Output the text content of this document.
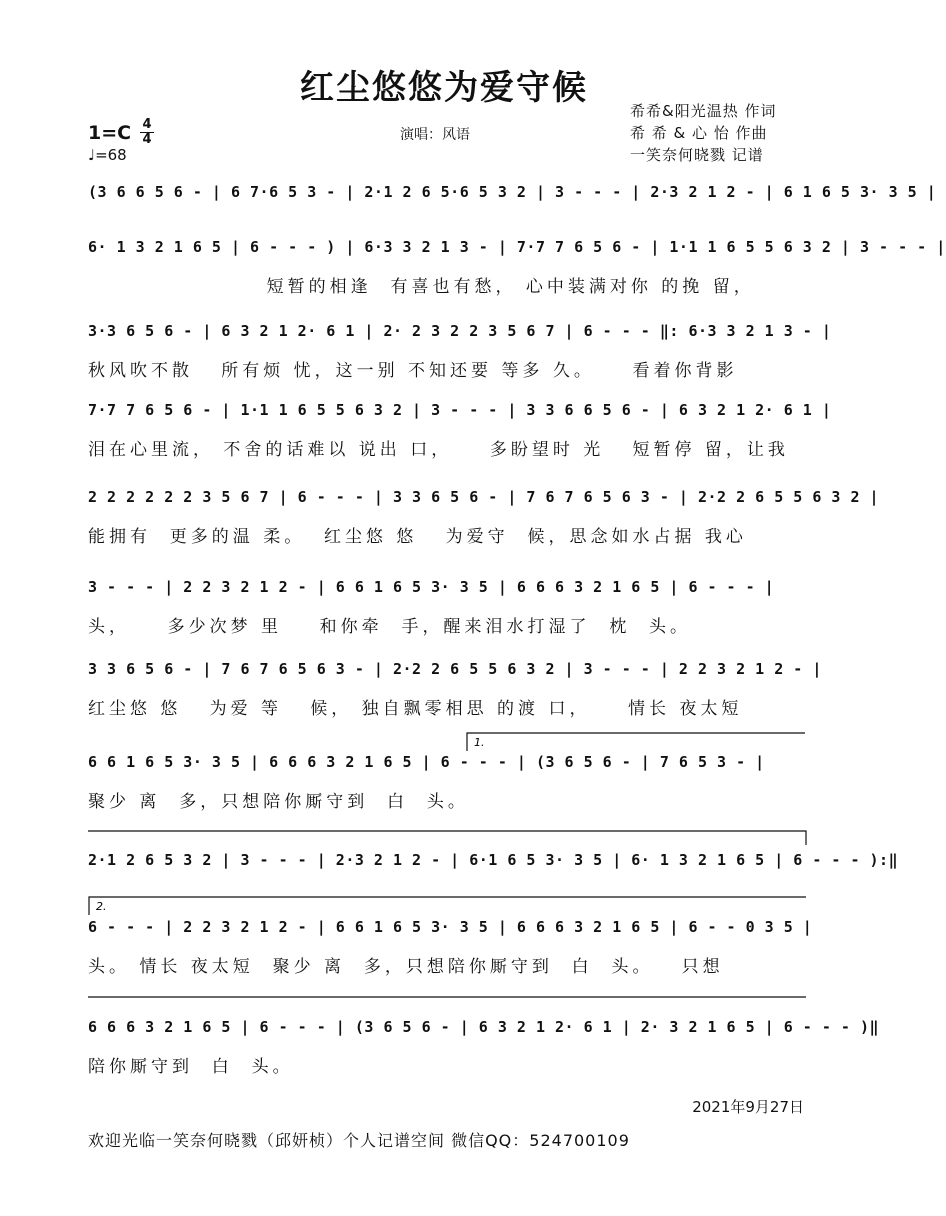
红尘悠悠为爱守候
1=C 4
4
♩=68
演唱：风语
希希&阳光温热 作词
希 希 & 心 怡 作曲
一笑奈何晓戮 记谱
(3 6 6 5 6 - | 6 7·6 5 3 - | 2·1 2 6 5·6 5 3 2 | 3 - - - | 2·3 2 1 2 - | 6 1 6 5 3· 3 5 |
6· 1 3 2 1 6 5 | 6 - - - ) | 6·3 3 2 1 3 - | 7·7 7 6 5 6 - | 1·1 1 6 5 5 6 3 2 | 3 - - - |
短暂的相逢  有喜也有愁， 心中装满对你 的挽 留，
3·3 6 5 6 - | 6 3 2 1 2· 6 1 | 2· 2 3 2 2 3 5 6 7 | 6 - - - ‖: 6·3 3 2 1 3 - |
秋风吹不散   所有烦 忧，这一别 不知还要 等多 久。    看着你背影
7·7 7 6 5 6 - | 1·1 1 6 5 5 6 3 2 | 3 - - - | 3 3 6 6 5 6 - | 6 3 2 1 2· 6 1 |
泪在心里流， 不舍的话难以 说出 口，    多盼望时 光   短暂停 留，让我
2 2 2 2 2 2 3 5 6 7 | 6 - - - | 3 3 6 5 6 - | 7 6 7 6 5 6 3 - | 2·2 2 6 5 5 6 3 2 |
能拥有  更多的温 柔。  红尘悠 悠   为爱守  候，思念如水占据 我心
3 - - - | 2 2 3 2 1 2 - | 6 6 1 6 5 3· 3 5 | 6 6 6 3 2 1 6 5 | 6 - - - |
头，    多少次梦 里    和你牵  手，醒来泪水打湿了  枕  头。
3 3 6 5 6 - | 7 6 7 6 5 6 3 - | 2·2 2 6 5 5 6 3 2 | 3 - - - | 2 2 3 2 1 2 - |
红尘悠 悠   为爱 等   候， 独自飘零相思 的渡 口，    情长 夜太短
1.
6 6 1 6 5 3· 3 5 | 6 6 6 3 2 1 6 5 | 6 - - - | (3 6 5 6 - | 7 6 5 3 - |
聚少 离  多，只想陪你厮守到  白  头。
2·1 2 6 5 3 2 | 3 - - - | 2·3 2 1 2 - | 6·1 6 5 3· 3 5 | 6· 1 3 2 1 6 5 | 6 - - - ):‖
2.
6 - - - | 2 2 3 2 1 2 - | 6 6 1 6 5 3· 3 5 | 6 6 6 3 2 1 6 5 | 6 - - 0 3 5 |
头。 情长 夜太短  聚少 离  多，只想陪你厮守到  白  头。   只想
6 6 6 3 2 1 6 5 | 6 - - - | (3 6 5 6 - | 6 3 2 1 2· 6 1 | 2· 3 2 1 6 5 | 6 - - - )‖
陪你厮守到  白  头。
2021年9月27日
欢迎光临一笑奈何晓戮（邱妍桢）个人记谱空间 微信QQ：524700109
